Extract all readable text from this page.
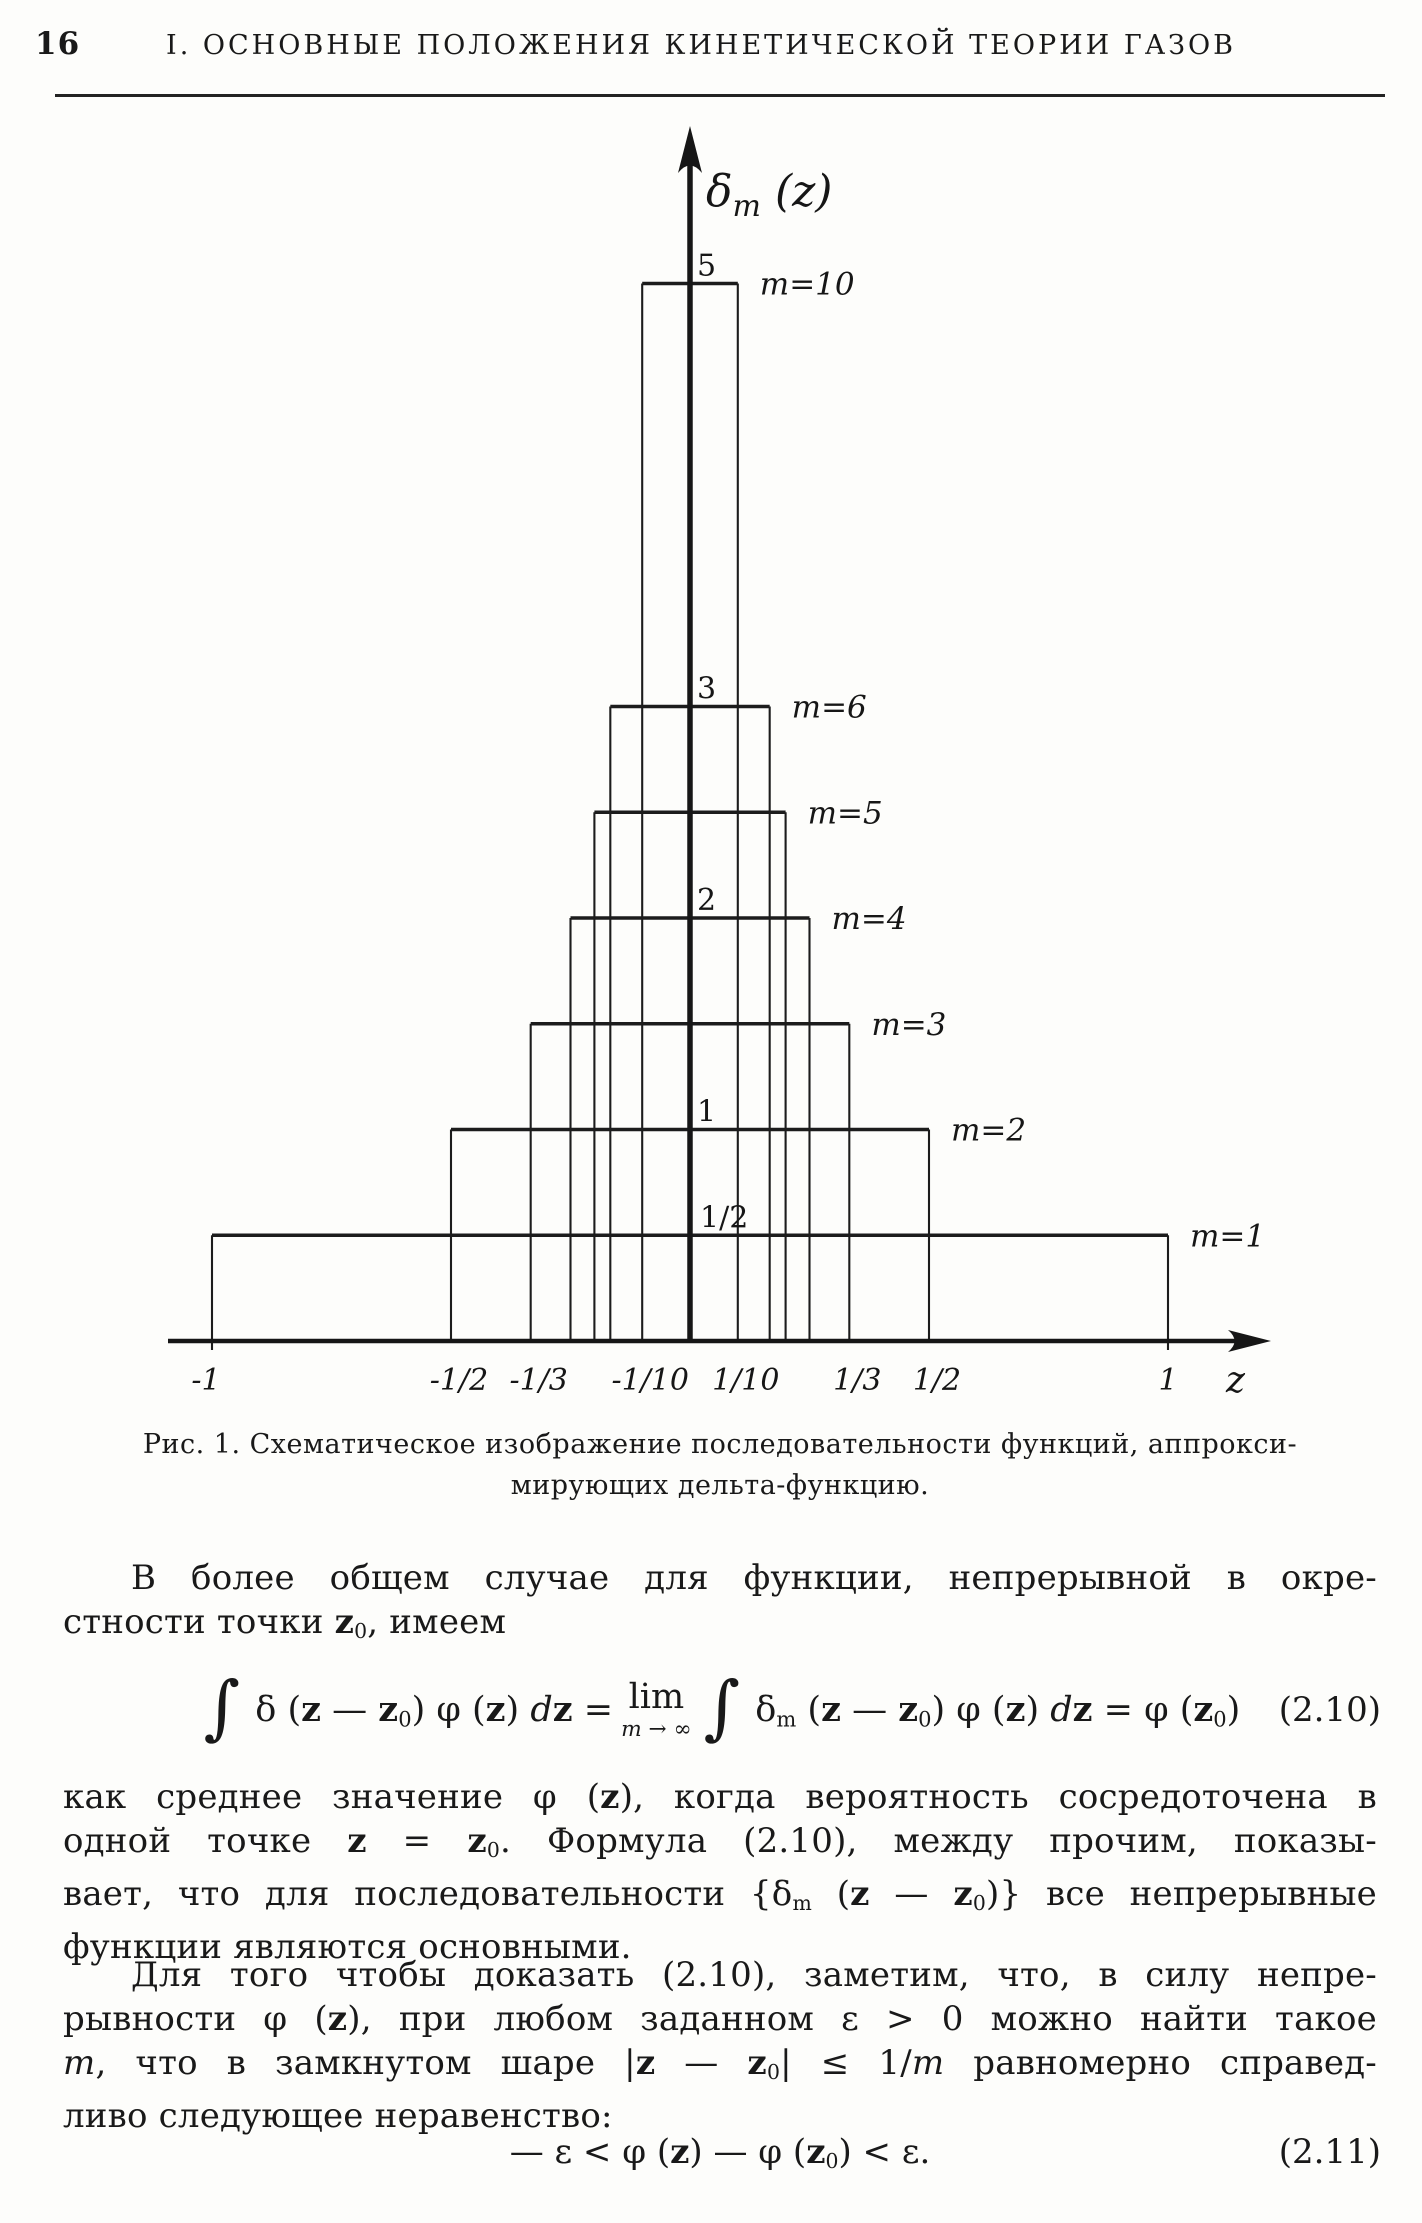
16	I. ОСНОВНЫЕ ПОЛОЖЕНИЯ КИНЕТИЧЕСКОЙ ТЕОРИИ ГАЗОВ
m=1
m=2
m=3
m=4
m=5
m=6
m=10
$\delta_m$ (z)
-1	-1/2 -1/3 -1/10 1/10 1/3 1/2	1 z
5
3
2
1
1/2
Рис. 1. Схематическое изображение последовательности функций, аппрокси-
мирующих дельта-функцию.
В более общем случае для функции, непрерывной в окре-
стности точки z0, имеем
∫ δ (z — z0) φ (z) dz = lim
m → ∞ ∫ δm (z — z0) φ (z) dz = φ (z0) (2.10)
как среднее значение φ (z), когда вероятность сосредоточена в
одной точке z = z0. Формула (2.10), между прочим, показы-
вает, что для последовательности {δm (z — z0)} все непрерывные
функции являются основными.
Для того чтобы доказать (2.10), заметим, что, в силу непре-
рывности φ (z), при любом заданном ε > 0 можно найти такое
m, что в замкнутом шаре |z — z0| ≤ 1/m равномерно справед-
ливо следующее неравенство:
— ε < φ (z) — φ (z0) < ε.	(2.11)
